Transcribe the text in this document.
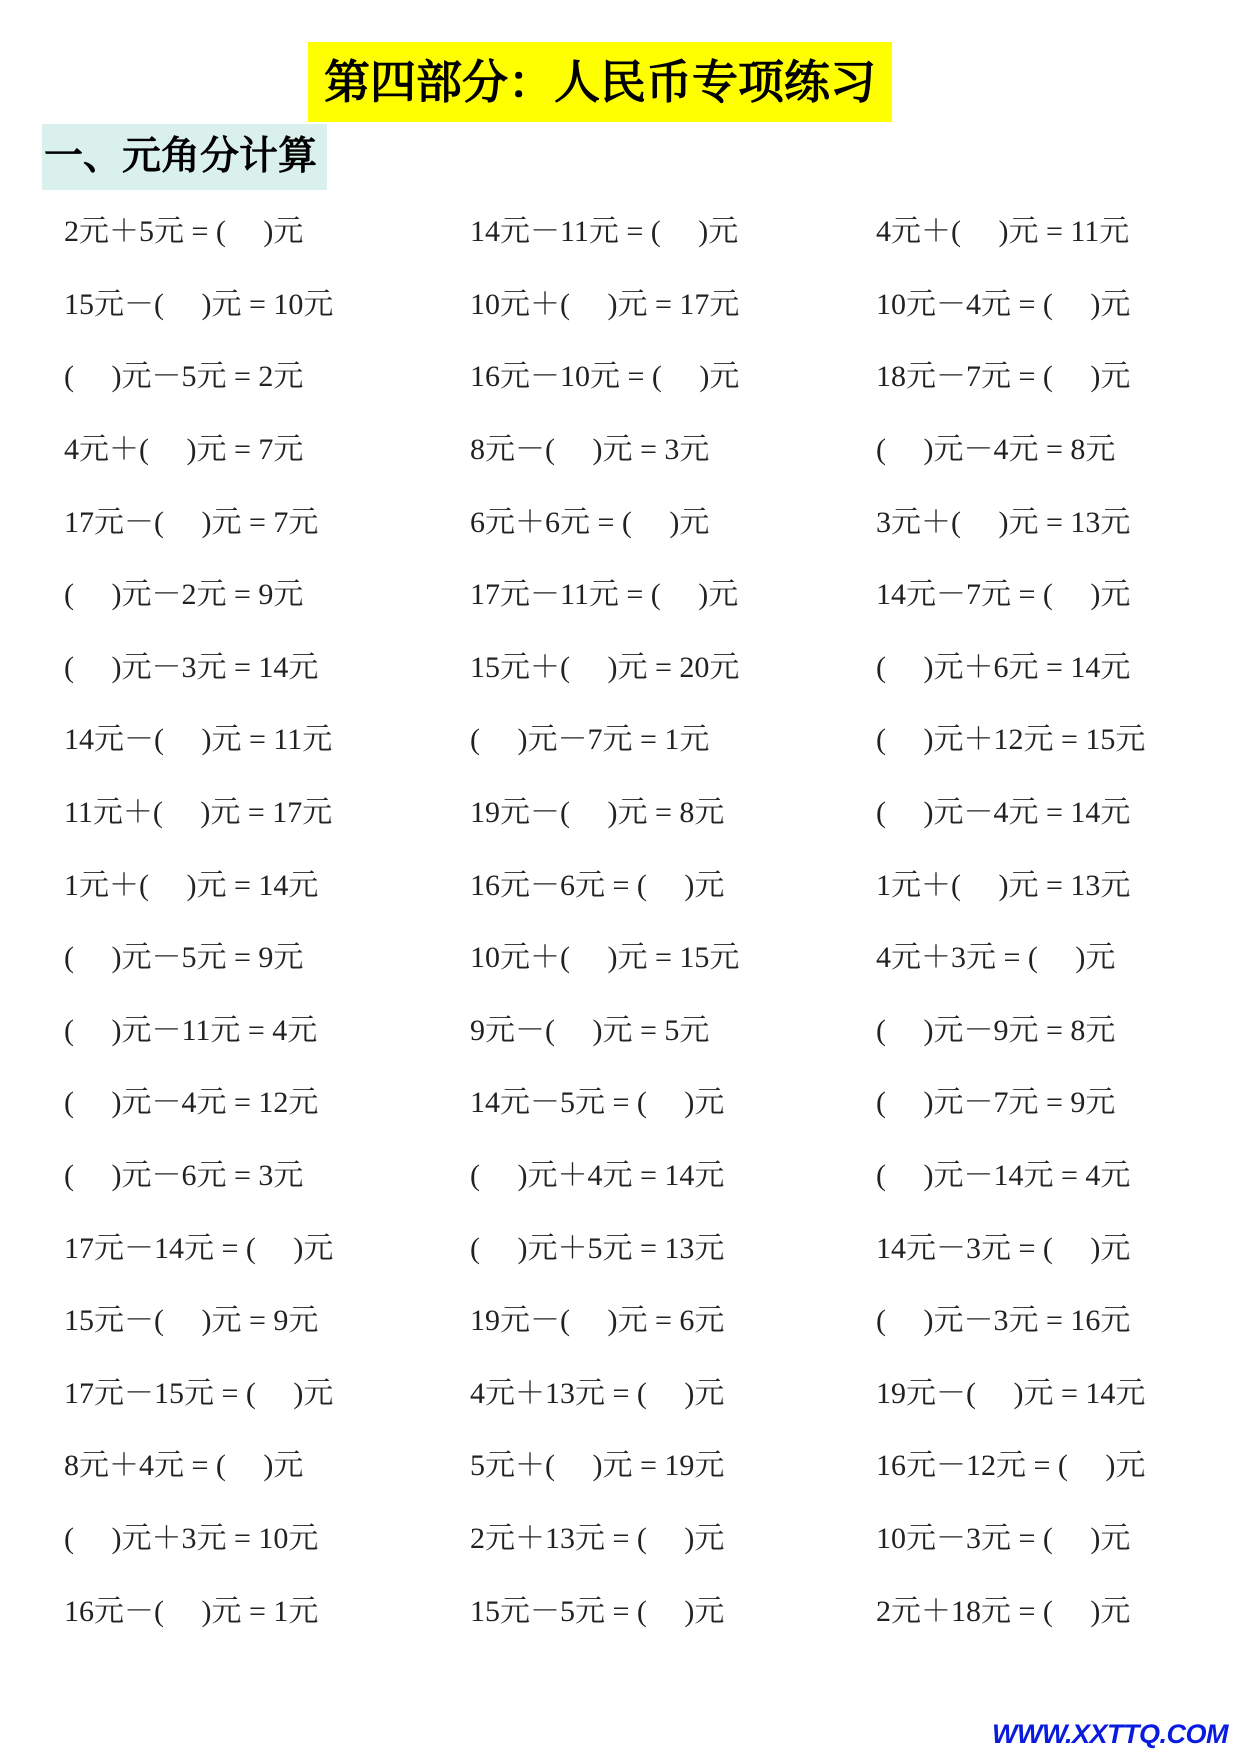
第四部分：人民币专项练习
一、元角分计算
2元＋5元 = (　 )元	14元－11元 = (　 )元	4元＋(　 )元 = 11元
15元－(　 )元 = 10元	10元＋(　 )元 = 17元	10元－4元 = (　 )元
(　 )元－5元 = 2元	16元－10元 = (　 )元	18元－7元 = (　 )元
4元＋(　 )元 = 7元	8元－(　 )元 = 3元	(　 )元－4元 = 8元
17元－(　 )元 = 7元	6元＋6元 = (　 )元	3元＋(　 )元 = 13元
(　 )元－2元 = 9元	17元－11元 = (　 )元	14元－7元 = (　 )元
(　 )元－3元 = 14元	15元＋(　 )元 = 20元	(　 )元＋6元 = 14元
14元－(　 )元 = 11元	(　 )元－7元 = 1元	(　 )元＋12元 = 15元
11元＋(　 )元 = 17元	19元－(　 )元 = 8元	(　 )元－4元 = 14元
1元＋(　 )元 = 14元	16元－6元 = (　 )元	1元＋(　 )元 = 13元
(　 )元－5元 = 9元	10元＋(　 )元 = 15元	4元＋3元 = (　 )元
(　 )元－11元 = 4元	9元－(　 )元 = 5元	(　 )元－9元 = 8元
(　 )元－4元 = 12元	14元－5元 = (　 )元	(　 )元－7元 = 9元
(　 )元－6元 = 3元	(　 )元＋4元 = 14元	(　 )元－14元 = 4元
17元－14元 = (　 )元	(　 )元＋5元 = 13元	14元－3元 = (　 )元
15元－(　 )元 = 9元	19元－(　 )元 = 6元	(　 )元－3元 = 16元
17元－15元 = (　 )元	4元＋13元 = (　 )元	19元－(　 )元 = 14元
8元＋4元 = (　 )元	5元＋(　 )元 = 19元	16元－12元 = (　 )元
(　 )元＋3元 = 10元	2元＋13元 = (　 )元	10元－3元 = (　 )元
16元－(　 )元 = 1元	15元－5元 = (　 )元	2元＋18元 = (　 )元
WWW.XXTTQ.COM
